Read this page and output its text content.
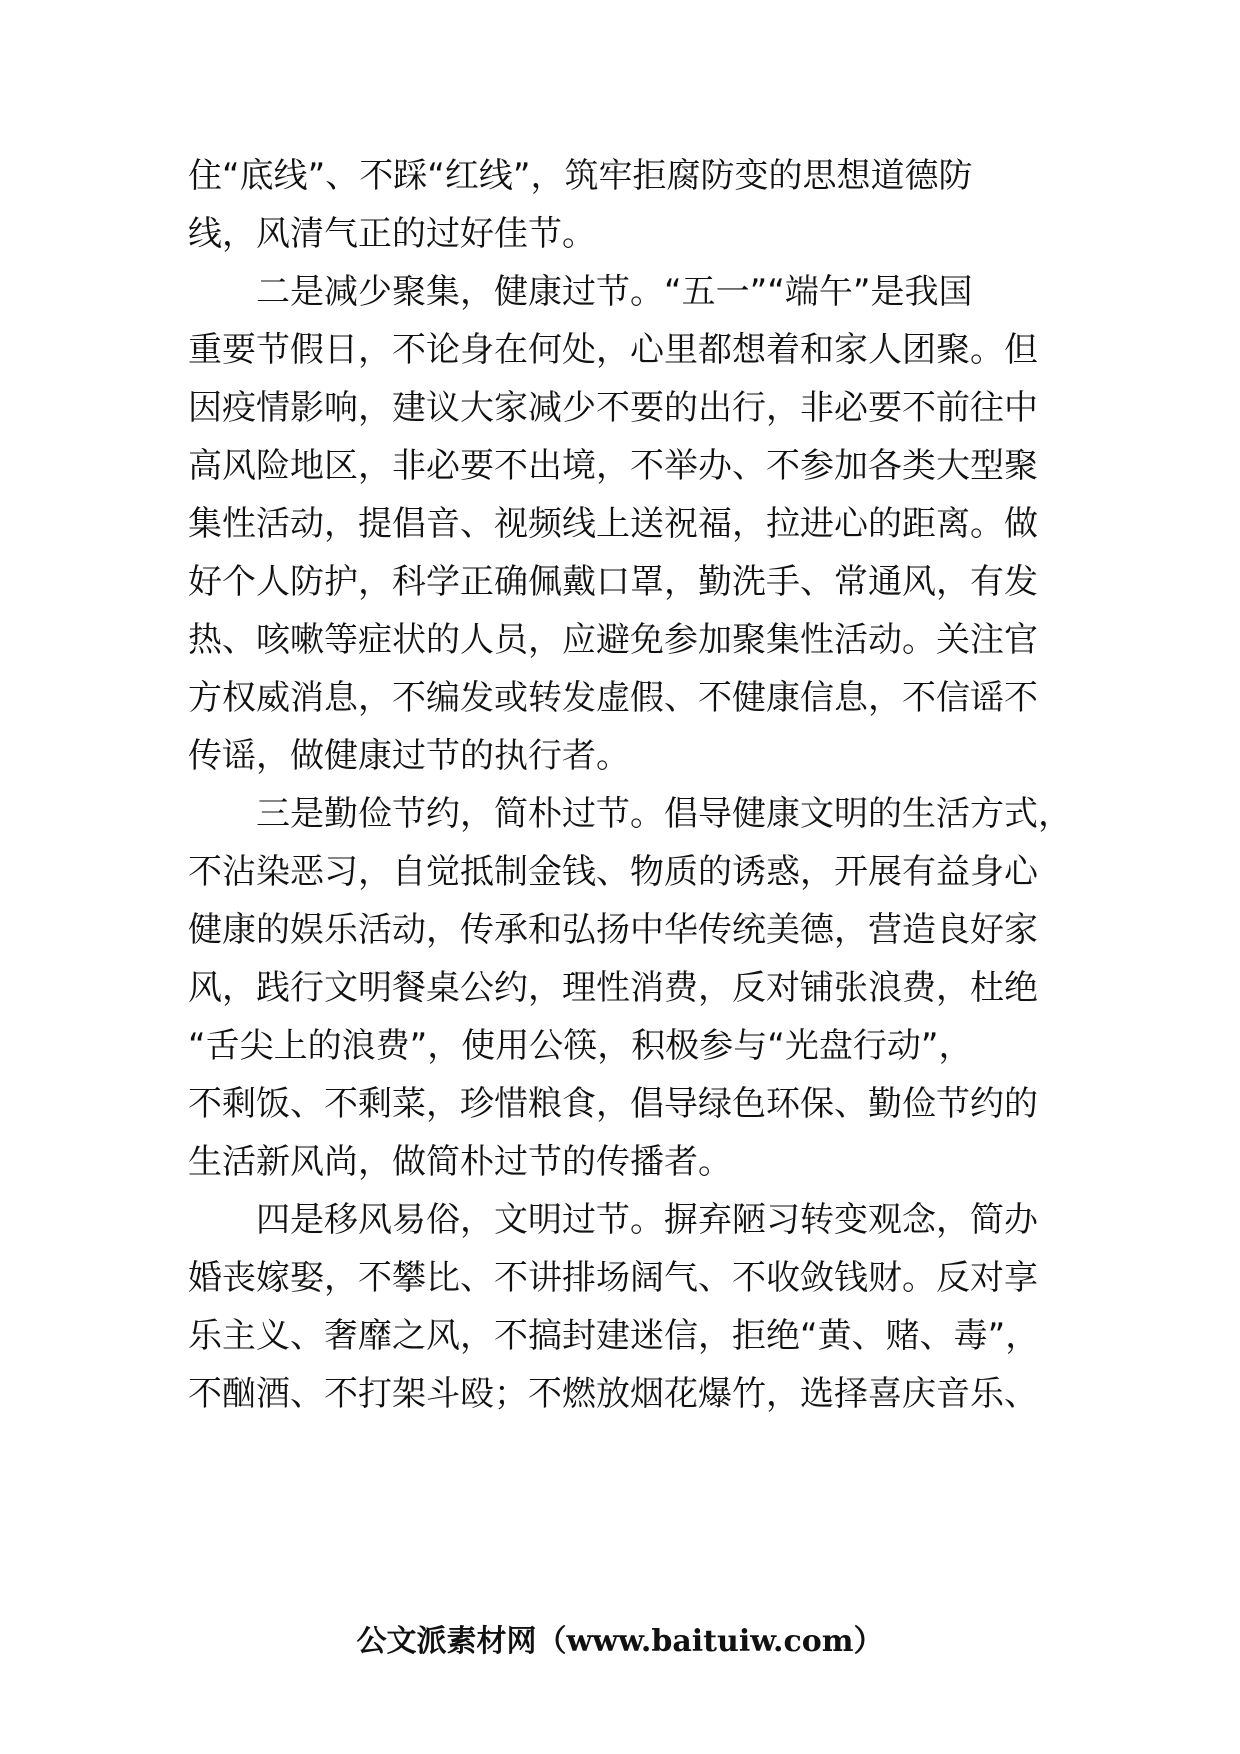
住“底线”、不踩“红线”，筑牢拒腐防变的思想道德防
线，风清气正的过好佳节。
　　二是减少聚集，健康过节。“五一”“端午”是我国
重要节假日，不论身在何处，心里都想着和家人团聚。但
因疫情影响，建议大家减少不要的出行，非必要不前往中
高风险地区，非必要不出境，不举办、不参加各类大型聚
集性活动，提倡音、视频线上送祝福，拉进心的距离。做
好个人防护，科学正确佩戴口罩，勤洗手、常通风，有发
热、咳嗽等症状的人员，应避免参加聚集性活动。关注官
方权威消息，不编发或转发虚假、不健康信息，不信谣不
传谣，做健康过节的执行者。
　　三是勤俭节约，简朴过节。倡导健康文明的生活方式，
不沾染恶习，自觉抵制金钱、物质的诱惑，开展有益身心
健康的娱乐活动，传承和弘扬中华传统美德，营造良好家
风，践行文明餐桌公约，理性消费，反对铺张浪费，杜绝
“舌尖上的浪费”，使用公筷，积极参与“光盘行动”，
不剩饭、不剩菜，珍惜粮食，倡导绿色环保、勤俭节约的
生活新风尚，做简朴过节的传播者。
　　四是移风易俗，文明过节。摒弃陋习转变观念，简办
婚丧嫁娶，不攀比、不讲排场阔气、不收敛钱财。反对享
乐主义、奢靡之风，不搞封建迷信，拒绝“黄、赌、毒”，
不酗酒、不打架斗殴；不燃放烟花爆竹，选择喜庆音乐、
公文派素材网（www.baituiw.com）
